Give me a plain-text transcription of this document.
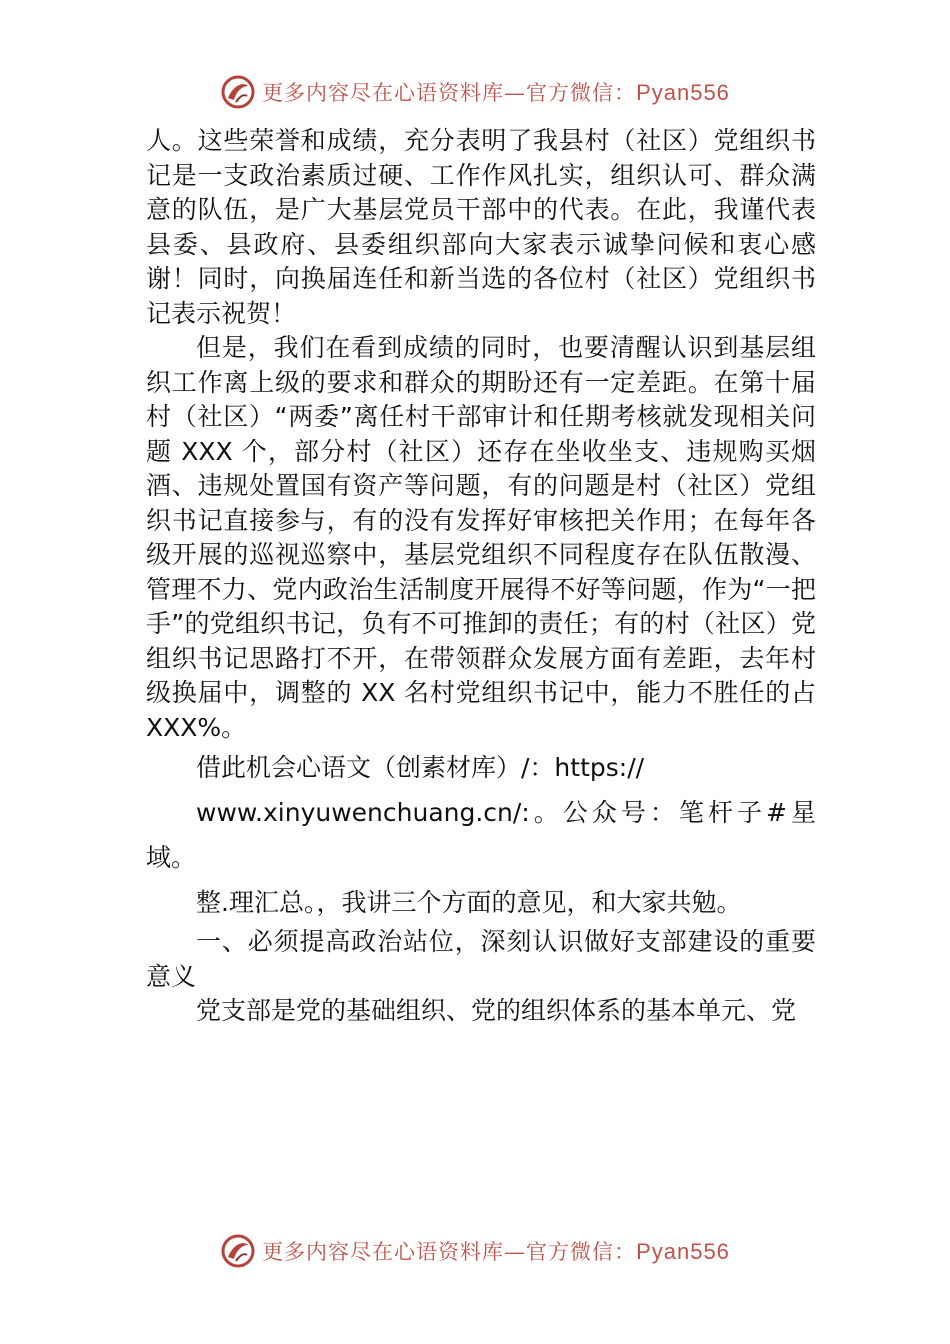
更多内容尽在心语资料库—官方微信：Pyan556

人。这些荣誉和成绩，充分表明了我县村（社区）党组织书记是一支政治素质过硬、工作作风扎实，组织认可、群众满意的队伍，是广大基层党员干部中的代表。在此，我谨代表县委、县政府、县委组织部向大家表示诚挚问候和衷心感谢！同时，向换届连任和新当选的各位村（社区）党组织书记表示祝贺！

但是，我们在看到成绩的同时，也要清醒认识到基层组织工作离上级的要求和群众的期盼还有一定差距。在第十届村（社区）“两委”离任村干部审计和任期考核就发现相关问题 XXX 个，部分村（社区）还存在坐收坐支、违规购买烟酒、违规处置国有资产等问题，有的问题是村（社区）党组织书记直接参与，有的没有发挥好审核把关作用；在每年各级开展的巡视巡察中，基层党组织不同程度存在队伍散漫、管理不力、党内政治生活制度开展得不好等问题，作为“一把手”的党组织书记，负有不可推卸的责任；有的村（社区）党组织书记思路打不开，在带领群众发展方面有差距，去年村级换届中，调整的 XX 名村党组织书记中，能力不胜任的占 XXX%。

借此机会心语文（创素材库）/：https://

www.xinyuwenchuang.cn/:。公众号：笔杆子#星域。

整.理汇总。，我讲三个方面的意见，和大家共勉。

一、必须提高政治站位，深刻认识做好支部建设的重要意义

党支部是党的基础组织、党的组织体系的基本单元、党

更多内容尽在心语资料库—官方微信：Pyan556
